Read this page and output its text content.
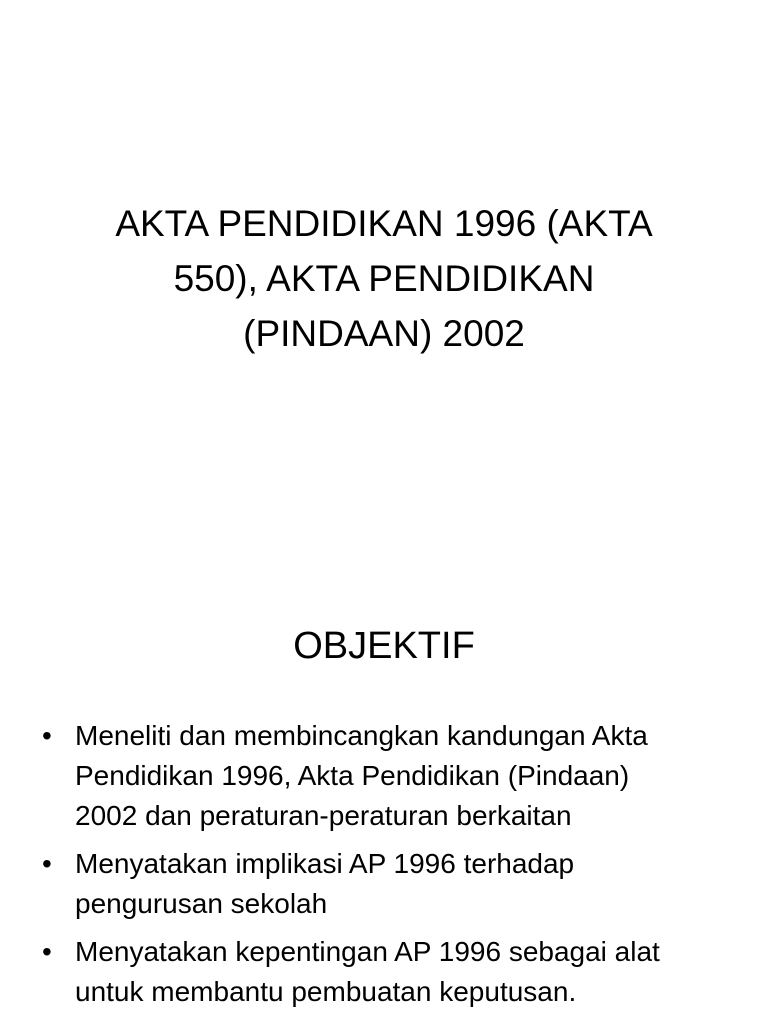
AKTA PENDIDIKAN 1996 (AKTA
550), AKTA PENDIDIKAN
(PINDAAN) 2002
OBJEKTIF
• Meneliti dan membincangkan kandungan Akta
Pendidikan 1996, Akta Pendidikan (Pindaan)
2002 dan peraturan-peraturan berkaitan
• Menyatakan implikasi AP 1996 terhadap
pengurusan sekolah
• Menyatakan kepentingan AP 1996 sebagai alat
untuk membantu pembuatan keputusan.
